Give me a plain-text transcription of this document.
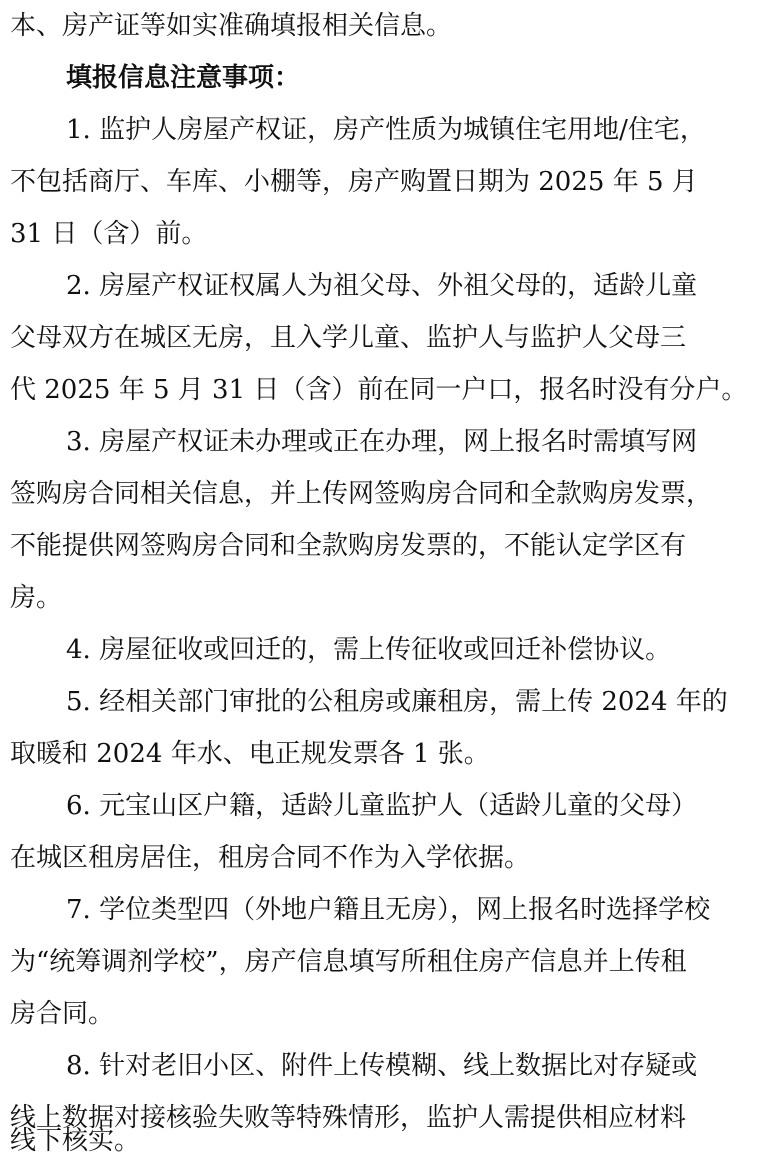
本、房产证等如实准确填报相关信息。
填报信息注意事项：
1. 监护人房屋产权证，房产性质为城镇住宅用地/住宅，
不包括商厅、车库、小棚等，房产购置日期为 2025 年 5 月
31 日（含）前。
2. 房屋产权证权属人为祖父母、外祖父母的，适龄儿童
父母双方在城区无房，且入学儿童、监护人与监护人父母三
代 2025 年 5 月 31 日（含）前在同一户口，报名时没有分户。
3. 房屋产权证未办理或正在办理，网上报名时需填写网
签购房合同相关信息，并上传网签购房合同和全款购房发票，
不能提供网签购房合同和全款购房发票的，不能认定学区有
房。
4. 房屋征收或回迁的，需上传征收或回迁补偿协议。
5. 经相关部门审批的公租房或廉租房，需上传 2024 年的
取暖和 2024 年水、电正规发票各 1 张。
6. 元宝山区户籍，适龄儿童监护人（适龄儿童的父母）
在城区租房居住，租房合同不作为入学依据。
7. 学位类型四（外地户籍且无房），网上报名时选择学校
为“统筹调剂学校”，房产信息填写所租住房产信息并上传租
房合同。
8. 针对老旧小区、附件上传模糊、线上数据比对存疑或
线上数据对接核验失败等特殊情形，监护人需提供相应材料
线下核实。
